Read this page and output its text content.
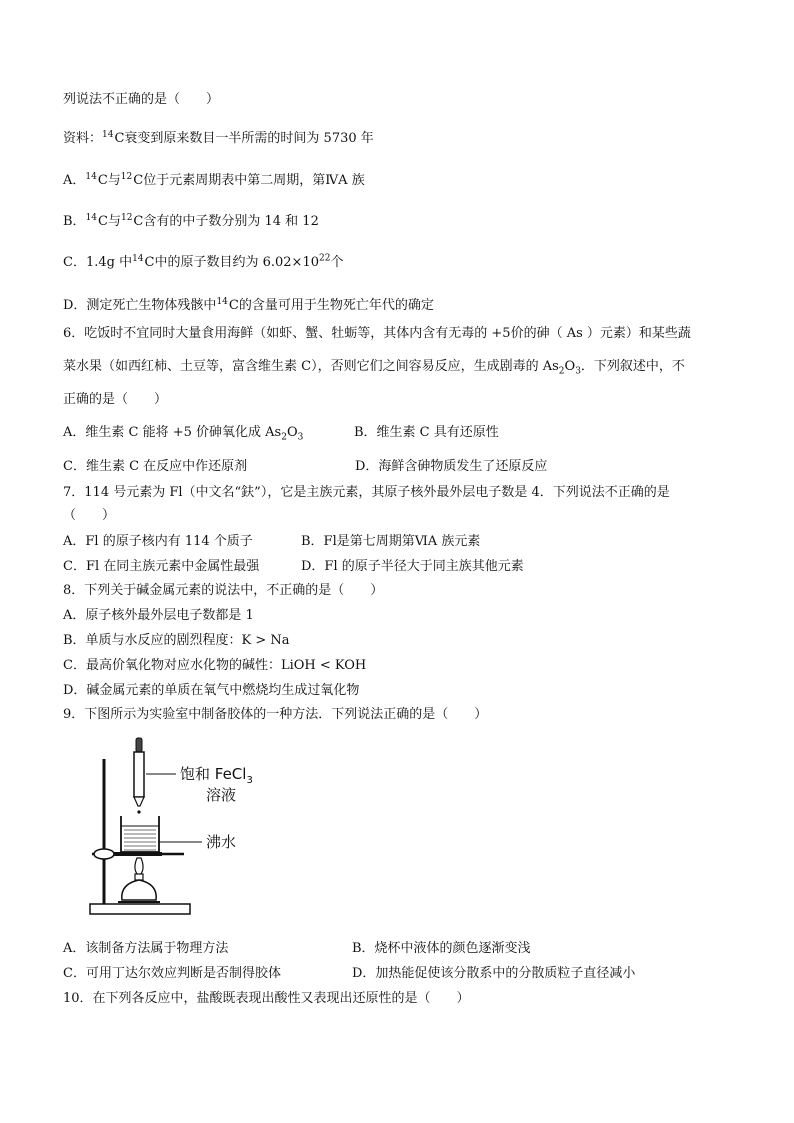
列说法不正确的是（　　）
资料：$^{14}$C衰变到原来数目一半所需的时间为 5730 年
A．$^{14}$C与$^{12}$C位于元素周期表中第二周期，第ⅣA 族
B．$^{14}$C与$^{12}$C含有的中子数分别为 14 和 12
C．1.4g 中$^{14}$C中的原子数目约为 $6.02\times 10^{22}$个
D．测定死亡生物体残骸中$^{14}$C的含量可用于生物死亡年代的确定
6．吃饭时不宜同时大量食用海鲜（如虾、蟹、牡蛎等，其体内含有无毒的 +5价的砷（ As ）元素）和某些蔬
菜水果（如西红柿、土豆等，富含维生素 C），否则它们之间容易反应，生成剧毒的 $As_2O_3$．下列叙述中，不
正确的是（　　）
A．维生素 C 能将 +5 价砷氧化成 $As_2O_3$	B．维生素 C 具有还原性
C．维生素 C 在反应中作还原剂	D．海鲜含砷物质发生了还原反应
7．114 号元素为 Fl（中文名“鈇”），它是主族元素，其原子核外最外层电子数是 4．下列说法不正确的是
（　　）
A．Fl 的原子核内有 114 个质子	B．Fl是第七周期第ⅥA 族元素
C．Fl 在同主族元素中金属性最强	D．Fl 的原子半径大于同主族其他元素
8．下列关于碱金属元素的说法中，不正确的是（　　）
A．原子核外最外层电子数都是 1
B．单质与水反应的剧烈程度：K > Na
C．最高价氧化物对应水化物的碱性：LiOH < KOH
D．碱金属元素的单质在氧气中燃烧均生成过氧化物
9．下图所示为实验室中制备胶体的一种方法．下列说法正确的是（　　）
饱和 FeCl$_3$
溶液
沸水
A．该制备方法属于物理方法	B．烧杯中液体的颜色逐渐变浅
C．可用丁达尔效应判断是否制得胶体	D．加热能促使该分散系中的分散质粒子直径减小
10．在下列各反应中，盐酸既表现出酸性又表现出还原性的是（　　）
